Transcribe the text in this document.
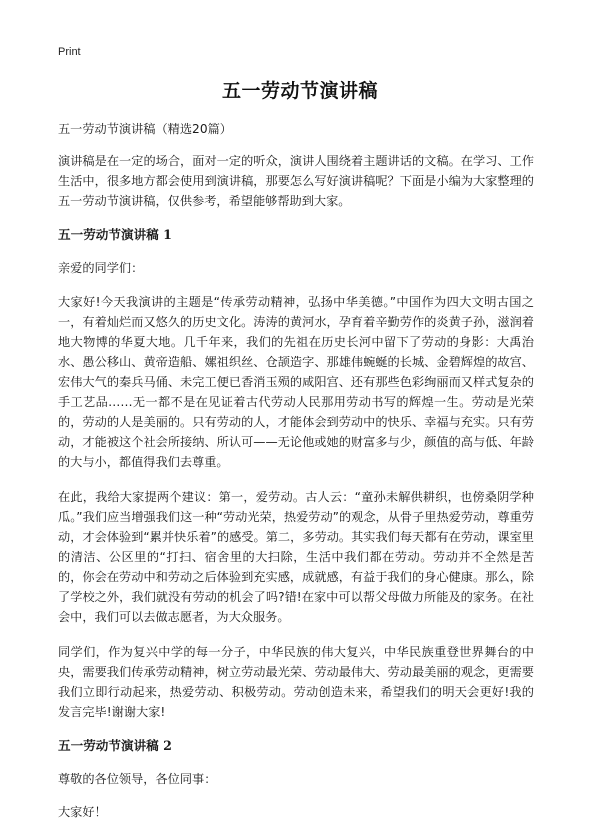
Print
五一劳动节演讲稿

五一劳动节演讲稿（精选20篇）

演讲稿是在一定的场合，面对一定的听众，演讲人围绕着主题讲话的文稿。在学习、工作生活中，很多地方都会使用到演讲稿，那要怎么写好演讲稿呢？下面是小编为大家整理的五一劳动节演讲稿，仅供参考，希望能够帮助到大家。

五一劳动节演讲稿 1

亲爱的同学们：

大家好!今天我演讲的主题是“传承劳动精神，弘扬中华美德。”中国作为四大文明古国之一，有着灿烂而又悠久的历史文化。涛涛的黄河水，孕育着辛勤劳作的炎黄子孙，滋润着地大物博的华夏大地。几千年来，我们的先祖在历史长河中留下了劳动的身影：大禹治水、愚公移山、黄帝造船、嫘祖织丝、仓颉造字、那雄伟蜿蜒的长城、金碧辉煌的故宫、宏伟大气的秦兵马俑、未完工便已香消玉殒的咸阳宫、还有那些色彩绚丽而又样式复杂的手工艺品……无一都不是在见证着古代劳动人民那用劳动书写的辉煌一生。劳动是光荣的，劳动的人是美丽的。只有劳动的人，才能体会到劳动中的快乐、幸福与充实。只有劳动，才能被这个社会所接纳、所认可——无论他或她的财富多与少，颜值的高与低、年龄的大与小，都值得我们去尊重。

在此，我给大家提两个建议：第一，爱劳动。古人云：“童孙未解供耕织，也傍桑阴学种瓜。”我们应当增强我们这一种“劳动光荣，热爱劳动”的观念，从骨子里热爱劳动，尊重劳动，才会体验到“累并快乐着”的感受。第二，多劳动。其实我们每天都有在劳动，课室里的清洁、公区里的“打扫、宿舍里的大扫除，生活中我们都在劳动。劳动并不全然是苦的，你会在劳动中和劳动之后体验到充实感，成就感，有益于我们的身心健康。那么，除了学校之外，我们就没有劳动的机会了吗?错!在家中可以帮父母做力所能及的家务。在社会中，我们可以去做志愿者，为大众服务。

同学们，作为复兴中学的每一分子，中华民族的伟大复兴，中华民族重登世界舞台的中央，需要我们传承劳动精神，树立劳动最光荣、劳动最伟大、劳动最美丽的观念，更需要我们立即行动起来，热爱劳动、积极劳动。劳动创造未来，希望我们的明天会更好!我的发言完毕!谢谢大家!

五一劳动节演讲稿 2

尊敬的各位领导，各位同事：

大家好！
